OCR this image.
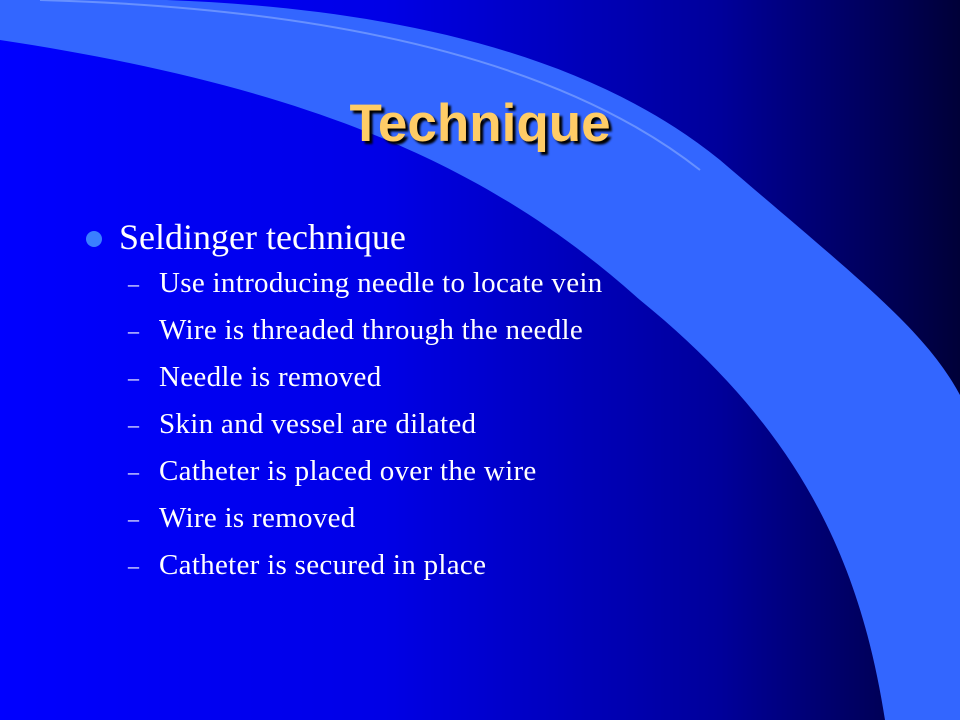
Technique
Seldinger technique
– Use introducing needle to locate vein
– Wire is threaded through the needle
– Needle is removed
– Skin and vessel are dilated
– Catheter is placed over the wire
– Wire is removed
– Catheter is secured in place
